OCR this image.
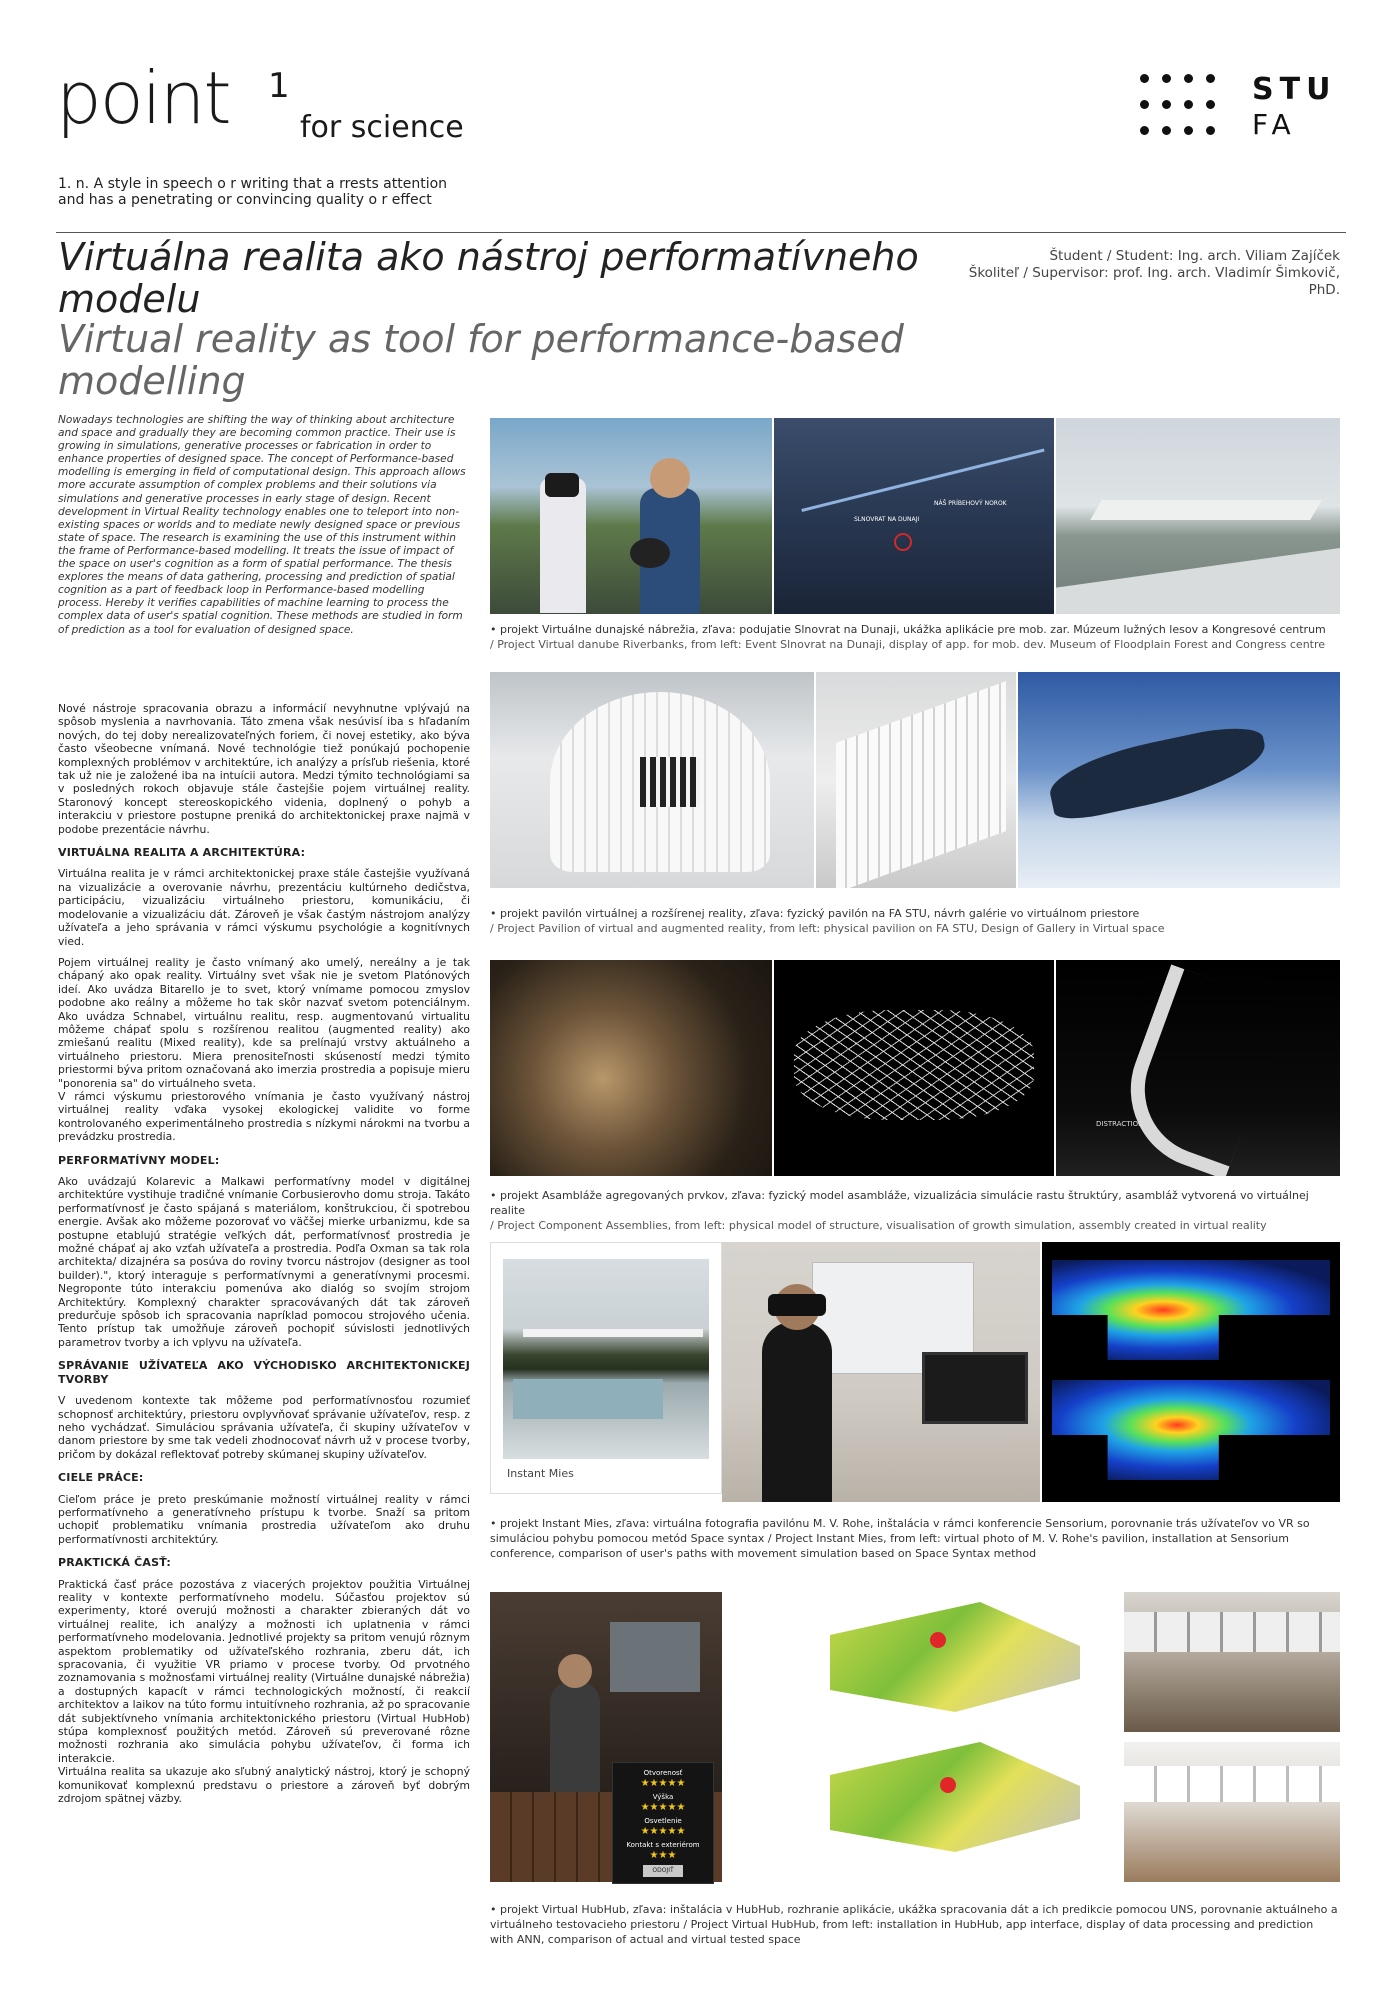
point 1
for science
1. n. A style in speech o r writing that a rrests attention
and has a penetrating or convincing quality o r effect
STU
FA
Virtuálna realita ako nástroj performatívneho modelu
Virtual reality as tool for performance-based modelling
Študent / Student: Ing. arch. Viliam Zajíček
Školiteľ / Supervisor: prof. Ing. arch. Vladimír Šimkovič, PhD.
Nowadays technologies are shifting the way of thinking about architecture and space and gradually they are becoming common practice. Their use is growing in simulations, generative processes or fabrication in order to enhance properties of designed space. The concept of Performance-based modelling is emerging in field of computational design. This approach allows more accurate assumption of complex problems and their solutions via simulations and generative processes in early stage of design. Recent development in Virtual Reality technology enables one to teleport into non-existing spaces or worlds and to mediate newly designed space or previous state of space. The research is examining the use of this instrument within the frame of Performance-based modelling. It treats the issue of impact of the space on user's cognition as a form of spatial performance. The thesis explores the means of data gathering, processing and prediction of spatial cognition as a part of feedback loop in Performance-based modelling process. Hereby it verifies capabilities of machine learning to process the complex data of user's spatial cognition. These methods are studied in form of prediction as a tool for evaluation of designed space.

Nové nástroje spracovania obrazu a informácií nevyhnutne vplývajú na spôsob myslenia a navrhovania. Táto zmena však nesúvisí iba s hľadaním nových, do tej doby nerealizovateľných foriem, či novej estetiky, ako býva často všeobecne vnímaná. Nové technológie tiež ponúkajú pochopenie komplexných problémov v architektúre, ich analýzy a prísľub riešenia, ktoré tak už nie je založené iba na intuícii autora. Medzi týmito technológiami sa v posledných rokoch objavuje stále častejšie pojem virtuálnej reality. Staronový koncept stereoskopického videnia, doplnený o pohyb a interakciu v priestore postupne preniká do architektonickej praxe najmä v podobe prezentácie návrhu.

VIRTUÁLNA REALITA A ARCHITEKTÚRA:

Virtuálna realita je v rámci architektonickej praxe stále častejšie využívaná na vizualizácie a overovanie návrhu, prezentáciu kultúrneho dedičstva, participáciu, vizualizáciu virtuálneho priestoru, komunikáciu, či modelovanie a vizualizáciu dát. Zároveň je však častým nástrojom analýzy užívateľa a jeho správania v rámci výskumu psychológie a kognitívnych vied.

Pojem virtuálnej reality je často vnímaný ako umelý, nereálny a je tak chápaný ako opak reality. Virtuálny svet však nie je svetom Platónových ideí. Ako uvádza Bitarello je to svet, ktorý vnímame pomocou zmyslov podobne ako reálny a môžeme ho tak skôr nazvať svetom potenciálnym. Ako uvádza Schnabel, virtuálnu realitu, resp. augmentovanú virtualitu môžeme chápať spolu s rozšírenou realitou (augmented reality) ako zmiešanú realitu (Mixed reality), kde sa prelínajú vrstvy aktuálneho a virtuálneho priestoru. Miera prenositeľnosti skúseností medzi týmito priestormi býva pritom označovaná ako imerzia prostredia a popisuje mieru "ponorenia sa" do virtuálneho sveta.

V rámci výskumu priestorového vnímania je často využívaný nástroj virtuálnej reality vďaka vysokej ekologickej validite vo forme kontrolovaného experimentálneho prostredia s nízkymi nárokmi na tvorbu a prevádzku prostredia.

PERFORMATÍVNY MODEL:

Ako uvádzajú Kolarevic a Malkawi performatívny model v digitálnej architektúre vystihuje tradičné vnímanie Corbusierovho domu stroja. Takáto performatívnosť je často spájaná s materiálom, konštrukciou, či spotrebou energie. Avšak ako môžeme pozorovať vo väčšej mierke urbanizmu, kde sa postupne etablujú stratégie veľkých dát, performatívnosť prostredia je možné chápať aj ako vzťah užívateľa a prostredia. Podľa Oxman sa tak rola architekta/ dizajnéra sa posúva do roviny tvorcu nástrojov (designer as tool builder).", ktorý interaguje s performatívnymi a generatívnymi procesmi. Negroponte túto interakciu pomenúva ako dialóg so svojím strojom Architektúry. Komplexný charakter spracovávaných dát tak zároveň predurčuje spôsob ich spracovania napríklad pomocou strojového učenia. Tento prístup tak umožňuje zároveň pochopiť súvislosti jednotlivých parametrov tvorby a ich vplyvu na užívateľa.

SPRÁVANIE UŽÍVATEĽA AKO VÝCHODISKO ARCHITEKTONICKEJ TVORBY

V uvedenom kontexte tak môžeme pod performatívnosťou rozumieť schopnosť architektúry, priestoru ovplyvňovať správanie užívateľov, resp. z neho vychádzať. Simuláciou správania užívateľa, či skupiny užívateľov v danom priestore by sme tak vedeli zhodnocovať návrh už v procese tvorby, pričom by dokázal reflektovať potreby skúmanej skupiny užívateľov.

CIELE PRÁCE:

Cieľom práce je preto preskúmanie možností virtuálnej reality v rámci performatívneho a generatívneho prístupu k tvorbe. Snaží sa pritom uchopiť problematiku vnímania prostredia užívateľom ako druhu performatívnosti architektúry.

PRAKTICKÁ ČASŤ:

Praktická časť práce pozostáva z viacerých projektov použitia Virtuálnej reality v kontexte performatívneho modelu. Súčasťou projektov sú experimenty, ktoré overujú možnosti a charakter zbieraných dát vo virtuálnej realite, ich analýzy a možnosti ich uplatnenia v rámci performatívneho modelovania. Jednotlivé projekty sa pritom venujú rôznym aspektom problematiky od užívateľského rozhrania, zberu dát, ich spracovania, či využitie VR priamo v procese tvorby. Od prvotného zoznamovania s možnosťami virtuálnej reality (Virtuálne dunajské nábrežia) a dostupných kapacít v rámci technologických možností, či reakcií architektov a laikov na túto formu intuitívneho rozhrania, až po spracovanie dát subjektívneho vnímania architektonického priestoru (Virtual HubHob) stúpa komplexnosť použitých metód. Zároveň sú preverované rôzne možnosti rozhrania ako simulácia pohybu užívateľov, či forma ich interakcie.

Virtuálna realita sa ukazuje ako sľubný analytický nástroj, ktorý je schopný komunikovať komplexnú predstavu o priestore a zároveň byť dobrým zdrojom spätnej väzby.

SLNOVRAT NA DUNAJI
NÁŠ PRÍBEHOVÝ NOROK
• projekt Virtuálne dunajské nábrežia, zľava: podujatie Slnovrat na Dunaji, ukážka aplikácie pre mob. zar. Múzeum lužných lesov a Kongresové centrum
/ Project Virtual danube Riverbanks, from left: Event Slnovrat na Dunaji, display of app. for mob. dev. Museum of Floodplain Forest and Congress centre
• projekt pavilón virtuálnej a rozšírenej reality, zľava: fyzický pavilón na FA STU, návrh galérie vo virtuálnom priestore
/ Project Pavilion of virtual and augmented reality, from left: physical pavilion on FA STU, Design of Gallery in Virtual space
DISTRACTION
• projekt Asambláže agregovaných prvkov, zľava: fyzický model asambláže, vizualizácia simulácie rastu štruktúry, asambláž vytvorená vo virtuálnej realite
/ Project Component Assemblies, from left: physical model of structure, visualisation of growth simulation, assembly created in virtual reality
Instant Mies
• projekt Instant Mies, zľava: virtuálna fotografia pavilónu M. V. Rohe, inštalácia v rámci konferencie Sensorium, porovnanie trás užívateľov vo VR so simuláciou pohybu pomocou metód Space syntax / Project Instant Mies, from left: virtual photo of M. V. Rohe's pavilion, installation at Sensorium conference, comparison of user's paths with movement simulation based on Space Syntax method
Otvorenosť
★★★★★
Výška
★★★★★
Osvetlenie
★★★★★
Kontakt s exteriérom
★★★
ODOJIŤ
• projekt Virtual HubHub, zľava: inštalácia v HubHub, rozhranie aplikácie, ukážka spracovania dát a ich predikcie pomocou UNS, porovnanie aktuálneho a virtuálneho testovacieho priestoru / Project Virtual HubHub, from left: installation in HubHub, app interface, display of data processing and prediction with ANN, comparison of actual and virtual tested space
